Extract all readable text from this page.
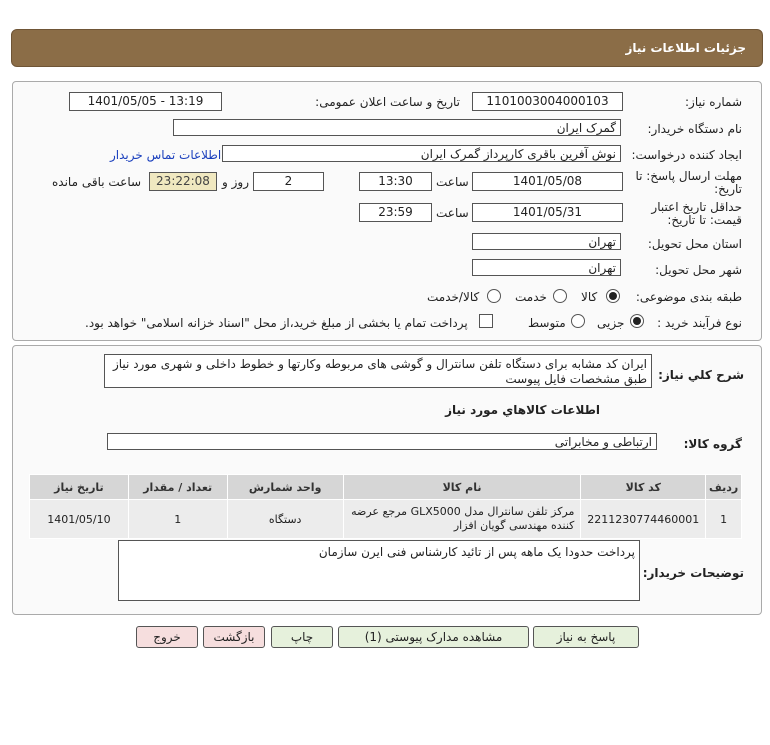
جزئیات اطلاعات نیاز
شماره نیاز:
1101003004000103
تاریخ و ساعت اعلان عمومی:
1401/05/05 - 13:19
نام دستگاه خریدار:
گمرک ایران
ایجاد کننده درخواست:
نوش آفرین باقری کارپرداز گمرک ایران
اطلاعات تماس خریدار
مهلت ارسال پاسخ: تا
تاریخ:
1401/05/08
ساعت
13:30
2
روز و
23:22:08
ساعت باقی مانده
حداقل تاریخ اعتبار
قیمت: تا تاریخ:
1401/05/31
ساعت
23:59
استان محل تحویل:
تهران
شهر محل تحویل:
تهران
طبقه بندی موضوعی:
کالا
خدمت
کالا/خدمت
نوع فرآیند خرید :
جزیی
متوسط
پرداخت تمام یا بخشی از مبلغ خرید،از محل "اسناد خزانه اسلامی" خواهد بود.
شرح کلي نياز:
ایران کد مشابه برای دستگاه تلفن سانترال و گوشی های مربوطه وکارتها و خطوط داخلی و شهری مورد نیاز طبق مشخصات فایل پیوست
اطلاعات کالاهاي مورد نياز
گروه کالا:
ارتباطی و مخابراتی
ردیف	کد کالا	نام کالا	واحد شمارش	تعداد / مقدار	تاریخ نیاز
1	2211230774460001	مرکز تلفن سانترال مدل GLX5000 مرجع عرضه کننده مهندسی گویان افزار	دستگاه	1	1401/05/10
توضیحات خریدار:
پرداخت حدودا یک ماهه پس از تائید کارشناس فنی ایرن سازمان
پاسخ به نیاز
مشاهده مدارک پیوستی (1)
چاپ
بازگشت
خروج
